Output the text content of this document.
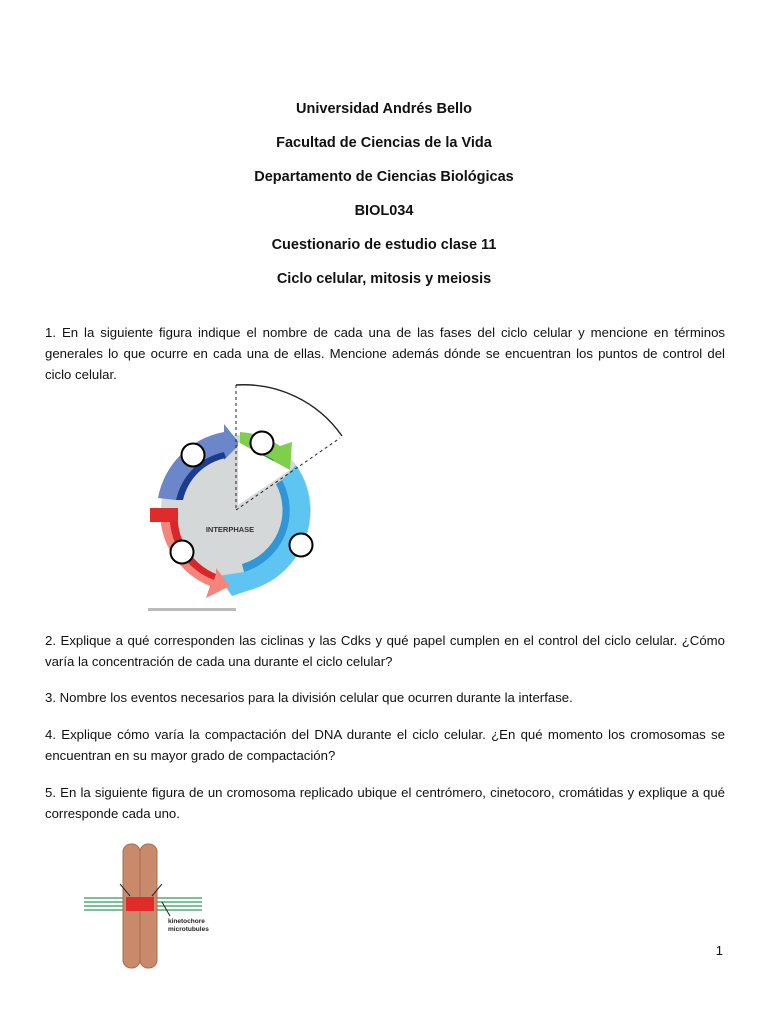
Universidad Andrés Bello
Facultad de Ciencias de la Vida
Departamento de Ciencias Biológicas
BIOL034
Cuestionario de estudio clase 11
Ciclo celular, mitosis y meiosis
1. En la siguiente figura indique el nombre de cada una de las fases del ciclo celular y mencione en términos generales lo que ocurre en cada una de ellas. Mencione además dónde se encuentran los puntos de control del ciclo celular.
INTERPHASE
2. Explique a qué corresponden las ciclinas y las Cdks y qué papel cumplen en el control del ciclo celular. ¿Cómo varía la concentración de cada una durante el ciclo celular?
3. Nombre los eventos necesarios para la división celular que ocurren durante la interfase.
4. Explique cómo varía la compactación del DNA durante el ciclo celular. ¿En qué momento los cromosomas se encuentran en su mayor grado de compactación?
5. En la siguiente figura de un cromosoma replicado ubique el centrómero, cinetocoro, cromátidas y explique a qué corresponde cada uno.
kinetochore
microtubules
1
